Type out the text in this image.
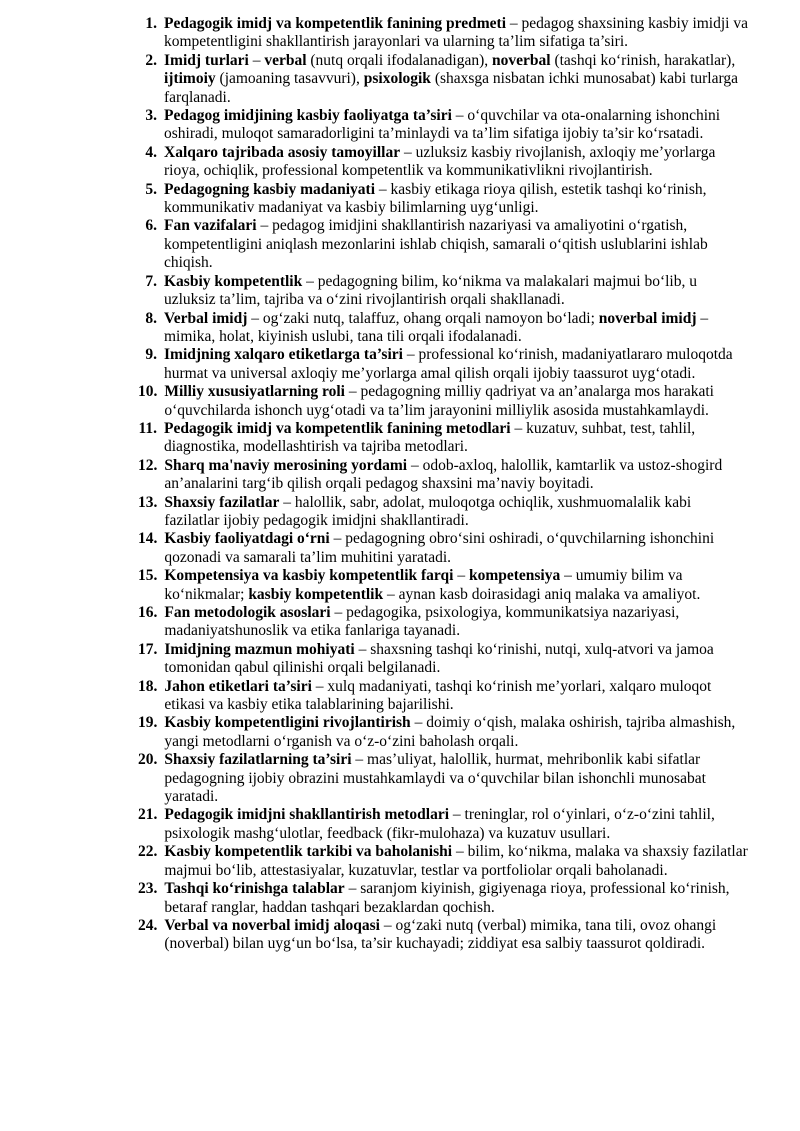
1. Pedagogik imidj va kompetentlik fanining predmeti – pedagog shaxsining kasbiy imidji va kompetentligini shakllantirish jarayonlari va ularning ta’lim sifatiga ta’siri.
2. Imidj turlari – verbal (nutq orqali ifodalanadigan), noverbal (tashqi koʻrinish, harakatlar), ijtimoiy (jamoaning tasavvuri), psixologik (shaxsga nisbatan ichki munosabat) kabi turlarga farqlanadi.
3. Pedagog imidjining kasbiy faoliyatga ta’siri – oʻquvchilar va ota-onalarning ishonchini oshiradi, muloqot samaradorligini ta’minlaydi va ta’lim sifatiga ijobiy ta’sir koʻrsatadi.
4. Xalqaro tajribada asosiy tamoyillar – uzluksiz kasbiy rivojlanish, axloqiy me’yorlarga rioya, ochiqlik, professional kompetentlik va kommunikativlikni rivojlantirish.
5. Pedagogning kasbiy madaniyati – kasbiy etikaga rioya qilish, estetik tashqi koʻrinish, kommunikativ madaniyat va kasbiy bilimlarning uygʻunligi.
6. Fan vazifalari – pedagog imidjini shakllantirish nazariyasi va amaliyotini oʻrgatish, kompetentligini aniqlash mezonlarini ishlab chiqish, samarali oʻqitish uslublarini ishlab chiqish.
7. Kasbiy kompetentlik – pedagogning bilim, koʻnikma va malakalari majmui boʻlib, u uzluksiz ta’lim, tajriba va oʻzini rivojlantirish orqali shakllanadi.
8. Verbal imidj – ogʻzaki nutq, talaffuz, ohang orqali namoyon boʻladi; noverbal imidj – mimika, holat, kiyinish uslubi, tana tili orqali ifodalanadi.
9. Imidjning xalqaro etiketlarga ta’siri – professional koʻrinish, madaniyatlararo muloqotda hurmat va universal axloqiy me’yorlarga amal qilish orqali ijobiy taassurot uygʻotadi.
10. Milliy xususiyatlarning roli – pedagogning milliy qadriyat va an’analarga mos harakati oʻquvchilarda ishonch uygʻotadi va ta’lim jarayonini milliylik asosida mustahkamlaydi.
11. Pedagogik imidj va kompetentlik fanining metodlari – kuzatuv, suhbat, test, tahlil, diagnostika, modellashtirish va tajriba metodlari.
12. Sharq ma'naviy merosining yordami – odob-axloq, halollik, kamtarlik va ustoz-shogird an’analarini targʻib qilish orqali pedagog shaxsini ma’naviy boyitadi.
13. Shaxsiy fazilatlar – halollik, sabr, adolat, muloqotga ochiqlik, xushmuomalalik kabi fazilatlar ijobiy pedagogik imidjni shakllantiradi.
14. Kasbiy faoliyatdagi oʻrni – pedagogning obroʻsini oshiradi, oʻquvchilarning ishonchini qozonadi va samarali ta’lim muhitini yaratadi.
15. Kompetensiya va kasbiy kompetentlik farqi – kompetensiya – umumiy bilim va koʻnikmalar; kasbiy kompetentlik – aynan kasb doirasidagi aniq malaka va amaliyot.
16. Fan metodologik asoslari – pedagogika, psixologiya, kommunikatsiya nazariyasi, madaniyatshunoslik va etika fanlariga tayanadi.
17. Imidjning mazmun mohiyati – shaxsning tashqi koʻrinishi, nutqi, xulq-atvori va jamoa tomonidan qabul qilinishi orqali belgilanadi.
18. Jahon etiketlari ta’siri – xulq madaniyati, tashqi koʻrinish me’yorlari, xalqaro muloqot etikasi va kasbiy etika talablarining bajarilishi.
19. Kasbiy kompetentligini rivojlantirish – doimiy oʻqish, malaka oshirish, tajriba almashish, yangi metodlarni oʻrganish va oʻz-oʻzini baholash orqali.
20. Shaxsiy fazilatlarning ta’siri – mas’uliyat, halollik, hurmat, mehribonlik kabi sifatlar pedagogning ijobiy obrazini mustahkamlaydi va oʻquvchilar bilan ishonchli munosabat yaratadi.
21. Pedagogik imidjni shakllantirish metodlari – treninglar, rol oʻyinlari, oʻz-oʻzini tahlil, psixologik mashgʻulotlar, feedback (fikr-mulohaza) va kuzatuv usullari.
22. Kasbiy kompetentlik tarkibi va baholanishi – bilim, koʻnikma, malaka va shaxsiy fazilatlar majmui boʻlib, attestasiyalar, kuzatuvlar, testlar va portfoliolar orqali baholanadi.
23. Tashqi koʻrinishga talablar – saranjom kiyinish, gigiyenaga rioya, professional koʻrinish, betaraf ranglar, haddan tashqari bezaklardan qochish.
24. Verbal va noverbal imidj aloqasi – ogʻzaki nutq (verbal) mimika, tana tili, ovoz ohangi (noverbal) bilan uygʻun boʻlsa, ta’sir kuchayadi; ziddiyat esa salbiy taassurot qoldiradi.
